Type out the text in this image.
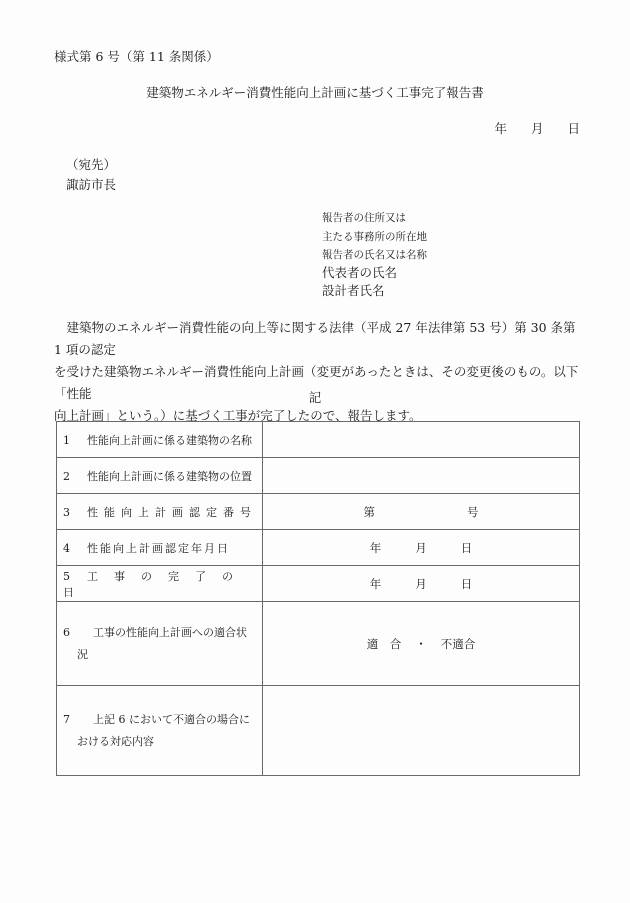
様式第 6 号（第 11 条関係）
建築物エネルギー消費性能向上計画に基づく工事完了報告書
年 月 日
（宛先）
諏訪市長
報告者の住所又は
主たる事務所の所在地
報告者の氏名又は名称
代表者の氏名
設計者氏名

　建築物のエネルギー消費性能の向上等に関する法律（平成 27 年法律第 53 号）第 30 条第 1 項の認定

を受けた建築物エネルギー消費性能向上計画（変更があったときは、その変更後のもの。以下「性能

向上計画」という。）に基づく工事が完了したので、報告します。

記
1 性能向上計画に係る建築物の名称	
2 性能向上計画に係る建築物の位置	
3 性能向上計画認定番号	第 号
4 性能向上計画認定年月日	年 月 日
5 工事の完了の日	年 月 日

6 工事の性能向上計画への適合状
況	適　合 ・ 不適合

7 上記 6 において不適合の場合に
おける対応内容	
